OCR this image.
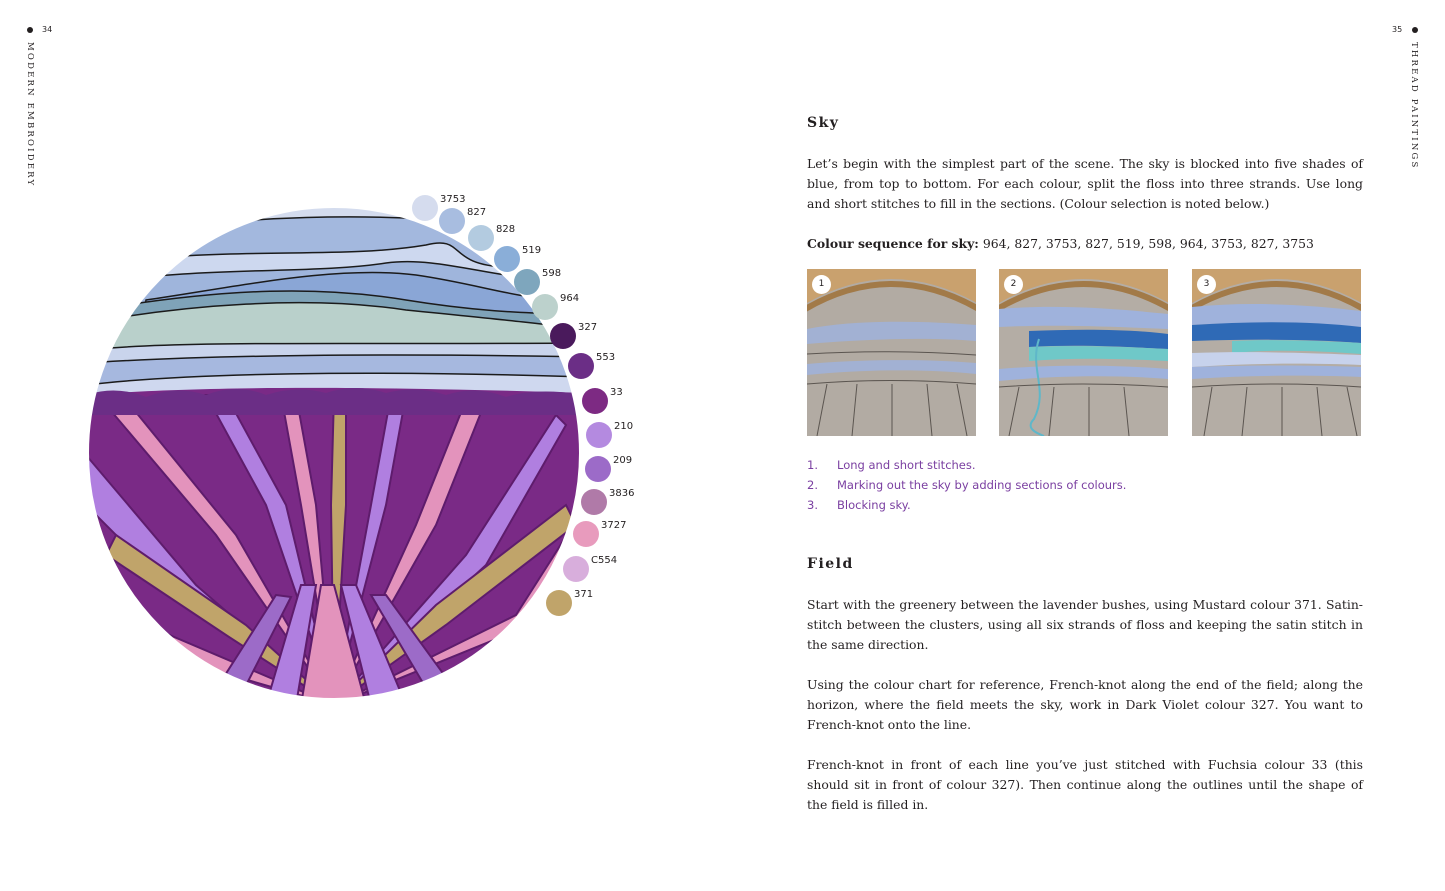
34
MODERN EMBROIDERY
3753
827
828
519
598
964
327
553
33
210
209
3836
3727
C554
371
35
THREAD PAINTINGS
Sky

Let’s begin with the simplest part of the scene. The sky is blocked into five shades of blue, from top to bottom. For each colour, split the floss into three strands. Use long and short stitches to fill in the sections. (Colour selection is noted below.)

Colour sequence for sky: 964, 827, 3753, 827, 519, 598, 964, 3753, 827, 3753
1	2	3
1.	Long and short stitches.
2.	Marking out the sky by adding sections of colours.
3.	Blocking sky.
Field

Start with the greenery between the lavender bushes, using Mustard colour 371. Satin-stitch between the clusters, using all six strands of floss and keeping the satin stitch in the same direction.

Using the colour chart for reference, French-knot along the end of the field; along the horizon, where the field meets the sky, work in Dark Violet colour 327. You want to French-knot onto the line.

French-knot in front of each line you’ve just stitched with Fuchsia colour 33 (this should sit in front of colour 327). Then continue along the outlines until the shape of the field is filled in.
